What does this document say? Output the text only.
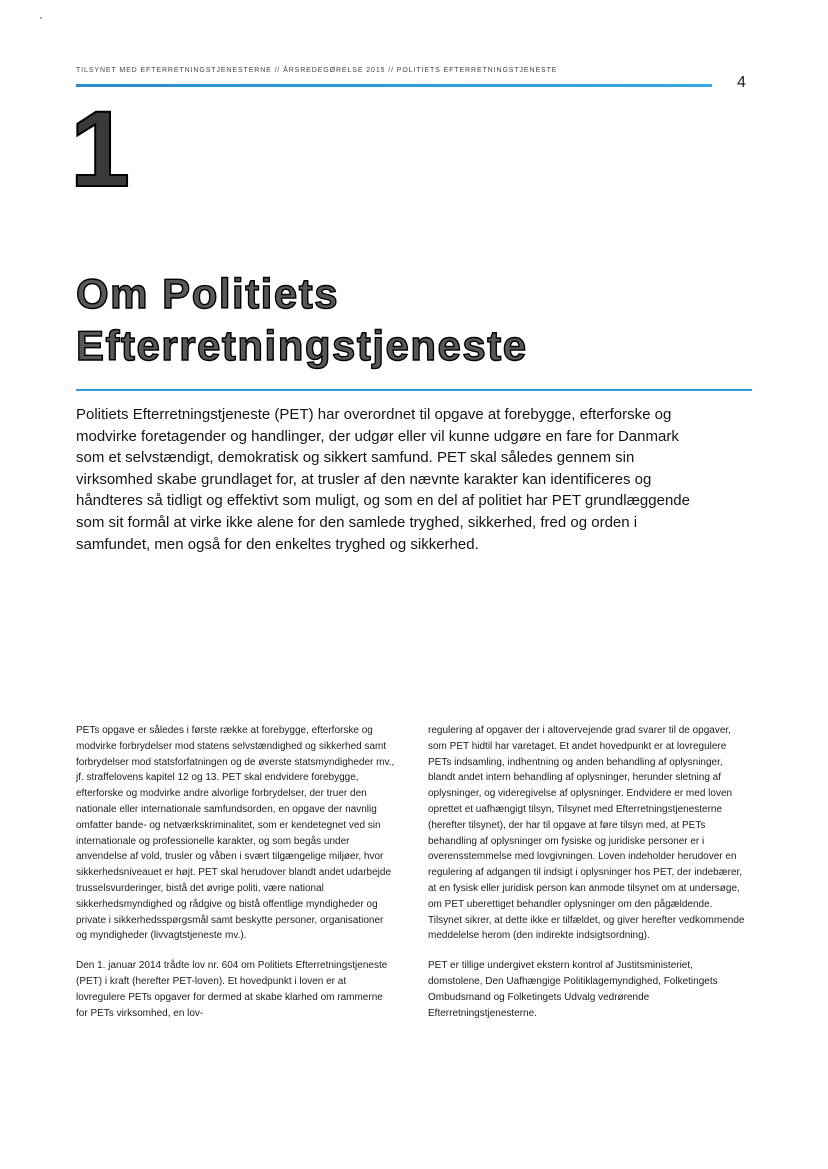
TILSYNET MED EFTERRETNINGSTJENESTERNE // ÅRSREDEGØRELSE 2015 // POLITIETS EFTERRETNINGSTJENESTE
4
1
Om Politiets
Efterretningstjeneste
Politiets Efterretningstjeneste (PET) har overordnet til opgave at forebygge, efterforske og modvirke foretagender og handlinger, der udgør eller vil kunne udgøre en fare for Danmark som et selvstændigt, demokratisk og sikkert samfund. PET skal således gennem sin virksomhed skabe grundlaget for, at trusler af den nævnte karakter kan identificeres og håndteres så tidligt og effektivt som muligt, og som en del af politiet har PET grundlæggende som sit formål at virke ikke alene for den samlede tryghed, sikkerhed, fred og orden i samfundet, men også for den enkeltes tryghed og sikkerhed.

PETs opgave er således i første række at forebygge, efterforske og modvirke forbrydelser mod statens selvstændighed og sikkerhed samt forbrydelser mod statsforfatningen og de øverste statsmyndigheder mv., jf. straffelovens kapitel 12 og 13. PET skal endvidere forebygge, efterforske og modvirke andre alvorlige forbrydelser, der truer den nationale eller internationale samfundsorden, en opgave der navnlig omfatter bande- og netværkskriminalitet, som er kendetegnet ved sin internationale og professionelle karakter, og som begås under anvendelse af vold, trusler og våben i svært tilgængelige miljøer, hvor sikkerhedsniveauet er højt. PET skal herudover blandt andet udarbejde trusselsvurderinger, bistå det øvrige politi, være national sikkerhedsmyndighed og rådgive og bistå offentlige myndigheder og private i sikkerhedsspørgsmål samt beskytte personer, organisationer og myndigheder (livvagtstjeneste mv.).

Den 1. januar 2014 trådte lov nr. 604 om Politiets Efterretningstjeneste (PET) i kraft (herefter PET-loven). Et hovedpunkt i loven er at lovregulere PETs opgaver for dermed at skabe klarhed om rammerne for PETs virksomhed, en lov-

regulering af opgaver der i altovervejende grad svarer til de opgaver, som PET hidtil har varetaget. Et andet hovedpunkt er at lovregulere PETs indsamling, indhentning og anden behandling af oplysninger, blandt andet intern behandling af oplysninger, herunder sletning af oplysninger, og videregivelse af oplysninger. Endvidere er med loven oprettet et uafhængigt tilsyn, Tilsynet med Efterretningstjenesterne (herefter tilsynet), der har til opgave at føre tilsyn med, at PETs behandling af oplysninger om fysiske og juridiske personer er i overensstemmelse med lovgivningen. Loven indeholder herudover en regulering af adgangen til indsigt i oplysninger hos PET, der indebærer, at en fysisk eller juridisk person kan anmode tilsynet om at undersøge, om PET uberettiget behandler oplysninger om den pågældende. Tilsynet sikrer, at dette ikke er tilfældet, og giver herefter vedkommende meddelelse herom (den indirekte indsigtsordning).

PET er tillige undergivet ekstern kontrol af Justitsministeriet, domstolene, Den Uafhængige Politiklagemyndighed, Folketingets Ombudsmand og Folketingets Udvalg vedrørende Efterretningstjenesterne.
